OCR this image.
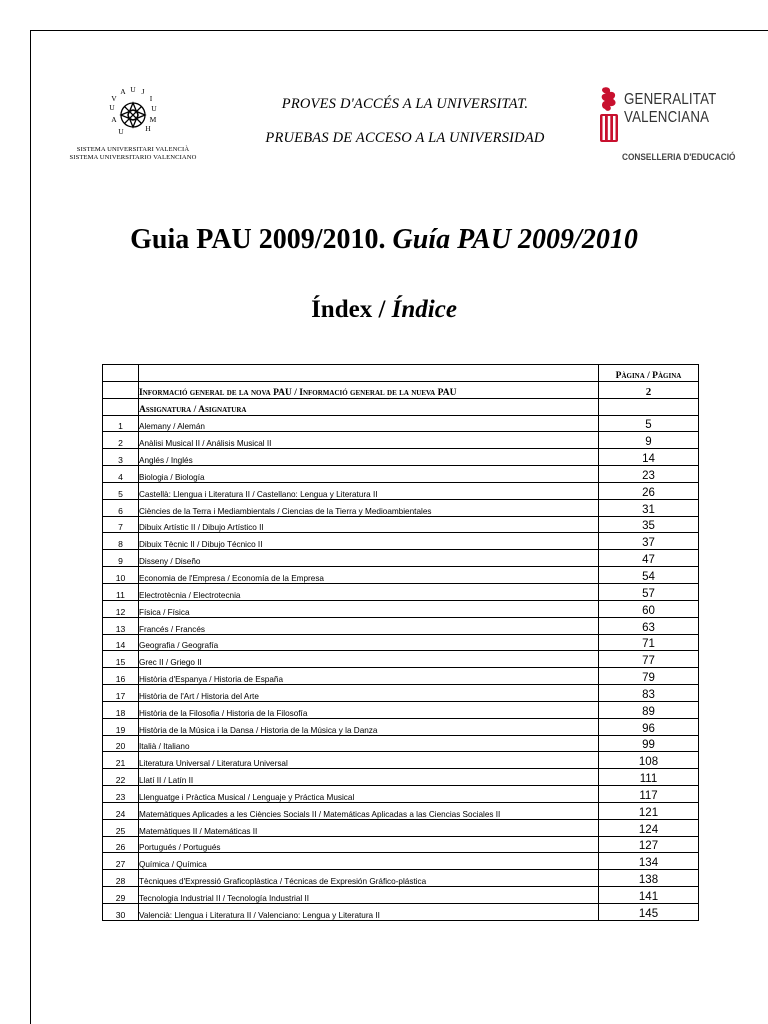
U
V
A U J
I
U
M
H
A
U
SISTEMA UNIVERSITARI VALENCIÀ
SISTEMA UNIVERSITARIO VALENCIANO
PROVES D'ACCÉS A LA UNIVERSITAT.
PRUEBAS DE ACCESO A LA UNIVERSIDAD
GENERALITAT
VALENCIANA
CONSELLERIA D'EDUCACIÓ
Guia PAU 2009/2010. Guía PAU 2009/2010
Índex / Índice
		Pàgina / Pàgina
	Informació general de la nova PAU / Informació general de la nueva PAU	2
	Assignatura / Asignatura	
1	Alemany / Alemán	5
2	Anàlisi Musical II / Análisis Musical II	9
3	Anglés / Inglés	14
4	Biologia / Biología	23
5	Castellà: Llengua i Literatura II / Castellano: Lengua y Literatura II	26
6	Ciències de la Terra i Mediambientals / Ciencias de la Tierra y Medioambientales	31
7	Dibuix Artístic II / Dibujo Artístico II	35
8	Dibuix Tècnic II / Dibujo Técnico II	37
9	Disseny / Diseño	47
10	Economia de l'Empresa / Economía de la Empresa	54
11	Electrotècnia / Electrotecnia	57
12	Física / Física	60
13	Francés / Francés	63
14	Geografia / Geografía	71
15	Grec II / Griego II	77
16	Història d'Espanya / Historia de España	79
17	Història de l'Art / Historia del Arte	83
18	Història de la Filosofia / Historia de la Filosofía	89
19	Història de la Música i la Dansa / Historia de la Música y la Danza	96
20	Italià / Italiano	99
21	Literatura Universal / Literatura Universal	108
22	Llatí II / Latín II	111
23	Llenguatge i Pràctica Musical / Lenguaje y Práctica Musical	117
24	Matemàtiques Aplicades a les Ciències Socials II / Matemáticas Aplicadas a las Ciencias Sociales II	121
25	Matemàtiques II / Matemáticas II	124
26	Portugués / Portugués	127
27	Química / Química	134
28	Tècniques d'Expressió Graficoplàstica / Técnicas de Expresión Gráfico-plástica	138
29	Tecnologia Industrial II / Tecnología Industrial II	141
30	Valencià: Llengua i Literatura II / Valenciano: Lengua y Literatura II	145
